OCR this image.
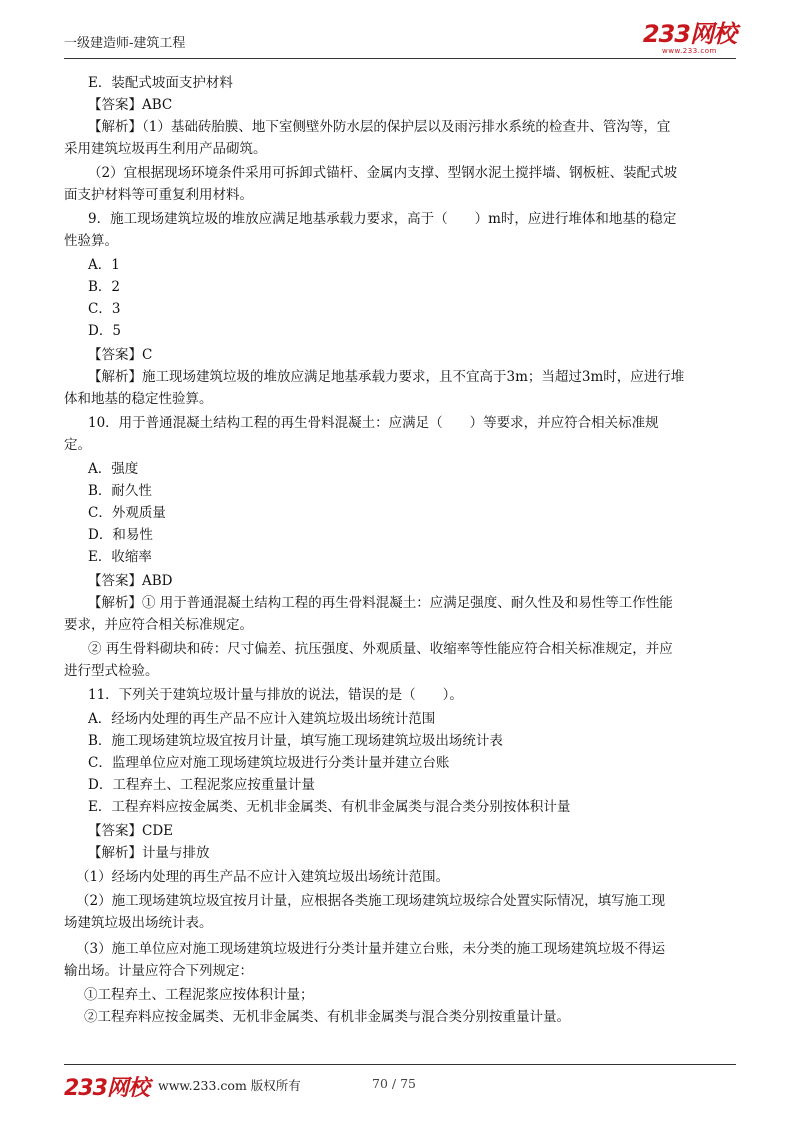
一级建造师-建筑工程	233网校
www.233.com
E．装配式坡面支护材料
【答案】ABC
【解析】（1）基础砖胎膜、地下室侧壁外防水层的保护层以及雨污排水系统的检查井、管沟等，宜
采用建筑垃圾再生利用产品砌筑。
（2）宜根据现场环境条件采用可拆卸式锚杆、金属内支撑、型钢水泥土搅拌墙、钢板桩、装配式坡
面支护材料等可重复利用材料。
9．施工现场建筑垃圾的堆放应满足地基承载力要求，高于（　　）m时，应进行堆体和地基的稳定
性验算。
A．1
B．2
C．3
D．5
【答案】C
【解析】施工现场建筑垃圾的堆放应满足地基承载力要求，且不宜高于3m；当超过3m时，应进行堆
体和地基的稳定性验算。
10．用于普通混凝土结构工程的再生骨料混凝土：应满足（　　）等要求，并应符合相关标准规
定。
A．强度
B．耐久性
C．外观质量
D．和易性
E．收缩率
【答案】ABD
【解析】① 用于普通混凝土结构工程的再生骨料混凝土：应满足强度、耐久性及和易性等工作性能
要求，并应符合相关标准规定。
② 再生骨料砌块和砖：尺寸偏差、抗压强度、外观质量、收缩率等性能应符合相关标准规定，并应
进行型式检验。
11．下列关于建筑垃圾计量与排放的说法，错误的是（　　）。
A．经场内处理的再生产品不应计入建筑垃圾出场统计范围
B．施工现场建筑垃圾宜按月计量，填写施工现场建筑垃圾出场统计表
C．监理单位应对施工现场建筑垃圾进行分类计量并建立台账
D．工程弃土、工程泥浆应按重量计量
E．工程弃料应按金属类、无机非金属类、有机非金属类与混合类分别按体积计量
【答案】CDE
【解析】计量与排放
（1）经场内处理的再生产品不应计入建筑垃圾出场统计范围。
（2）施工现场建筑垃圾宜按月计量，应根据各类施工现场建筑垃圾综合处置实际情况，填写施工现
场建筑垃圾出场统计表。
（3）施工单位应对施工现场建筑垃圾进行分类计量并建立台账，未分类的施工现场建筑垃圾不得运
输出场。计量应符合下列规定：
①工程弃土、工程泥浆应按体积计量；
②工程弃料应按金属类、无机非金属类、有机非金属类与混合类分别按重量计量。
233网校 www.233.com 版权所有	70 / 75
